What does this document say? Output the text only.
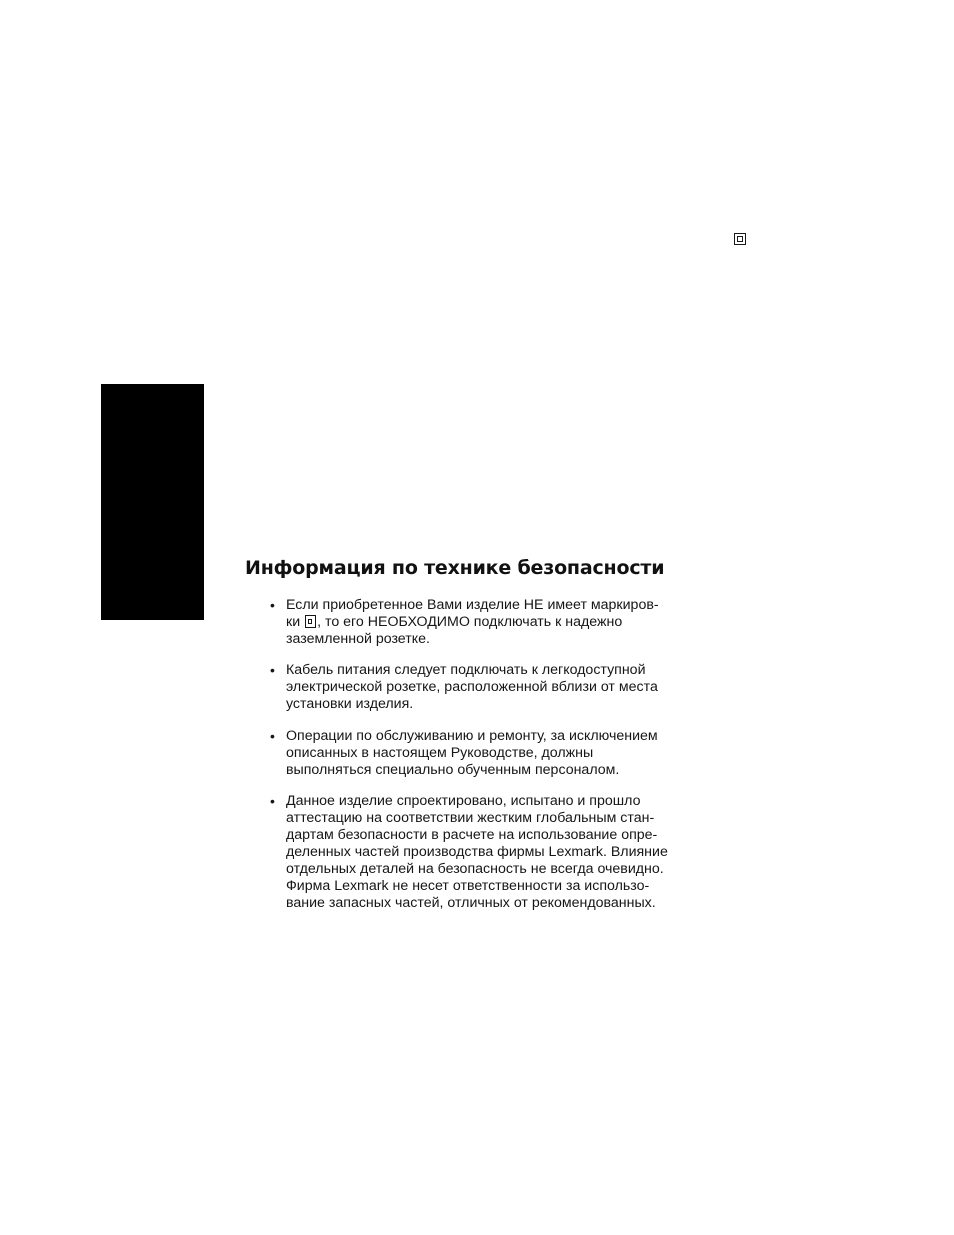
Информация по технике безопасности
• Если приобретенное Вами изделие НЕ имеет маркиров-
ки , то его НЕОБХОДИМО подключать к надежно
заземленной розетке.
• Кабель питания следует подключать к легкодоступной
электрической розетке, расположенной вблизи от места
установки изделия.
• Операции по обслуживанию и ремонту, за исключением
описанных в настоящем Руководстве, должны
выполняться специально обученным персоналом.
• Данное изделие спроектировано, испытано и прошло
аттестацию на соответствии жестким глобальным стан-
дартам безопасности в расчете на использование опре-
деленных частей производства фирмы Lexmark. Влияние
отдельных деталей на безопасность не всегда очевидно.
Фирма Lexmark не несет ответственности за использо-
вание запасных частей, отличных от рекомендованных.
